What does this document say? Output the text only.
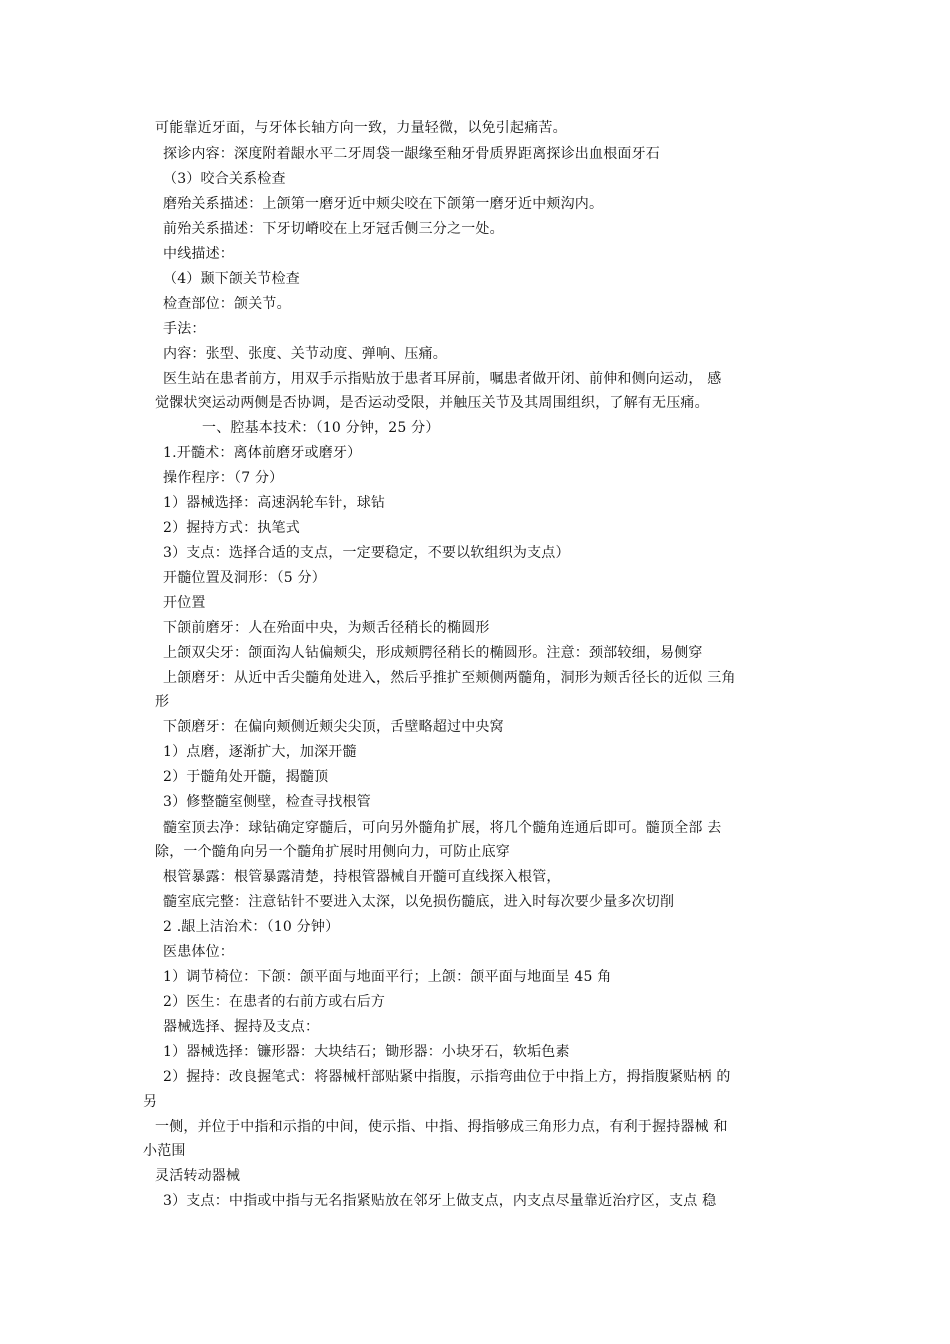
可能靠近牙面，与牙体长轴方向一致，力量轻微，以免引起痛苦。
探诊内容：深度附着龈水平二牙周袋一龈缘至釉牙骨质界距离探诊出血根面牙石
（3）咬合关系检查
磨殆关系描述：上颌第一磨牙近中颊尖咬在下颌第一磨牙近中颊沟内。
前殆关系描述：下牙切嵴咬在上牙冠舌侧三分之一处。
中线描述：
（4）颞下颌关节检查
检查部位：颌关节。
手法：
内容：张型、张度、关节动度、弹响、压痛。
医生站在患者前方，用双手示指贴放于患者耳屏前，嘱患者做开闭、前伸和侧向运动， 感
觉髁状突运动两侧是否协调，是否运动受限，并触压关节及其周围组织，了解有无压痛。
一、腔基本技术：（10 分钟，25 分）
1.开髓术：离体前磨牙或磨牙）
操作程序：（7 分）
1）器械选择：高速涡轮车针，球钻
2）握持方式：执笔式
3）支点：选择合适的支点，一定要稳定，不要以软组织为支点）
开髓位置及洞形：（5 分）
开位置
下颌前磨牙：人在殆面中央，为颊舌径稍长的椭圆形
上颌双尖牙：颌面沟人钻偏颊尖，形成颊腭径稍长的椭圆形。注意：颈部较细，易侧穿
上颌磨牙：从近中舌尖髓角处进入，然后乎推扩至颊侧两髓角，洞形为颊舌径长的近似 三角
形
下颌磨牙：在偏向颊侧近颊尖尖顶，舌壁略超过中央窝
1）点磨，逐渐扩大，加深开髓
2）于髓角处开髓，揭髓顶
3）修整髓室侧壁，检查寻找根管
髓室顶去净：球钻确定穿髓后，可向另外髓角扩展，将几个髓角连通后即可。髓顶全部 去
除，一个髓角向另一个髓角扩展时用侧向力，可防止底穿
根管暴露：根管暴露清楚，持根管器械自开髓可直线探入根管，
髓室底完整：注意钻针不要进入太深，以免损伤髓底，进入时每次要少量多次切削
2 .龈上洁治术：（10 分钟）
医患体位：
1）调节椅位：下颌：颌平面与地面平行；上颌：颌平面与地面呈 45 角
2）医生：在患者的右前方或右后方
器械选择、握持及支点：
1）器械选择：镰形器：大块结石；锄形器：小块牙石，软垢色素
2）握持：改良握笔式：将器械杆部贴紧中指腹，示指弯曲位于中指上方，拇指腹紧贴柄 的
另
一侧，并位于中指和示指的中间，使示指、中指、拇指够成三角形力点，有利于握持器械 和
小范围
灵活转动器械
3）支点：中指或中指与无名指紧贴放在邻牙上做支点，内支点尽量靠近治疗区，支点 稳
